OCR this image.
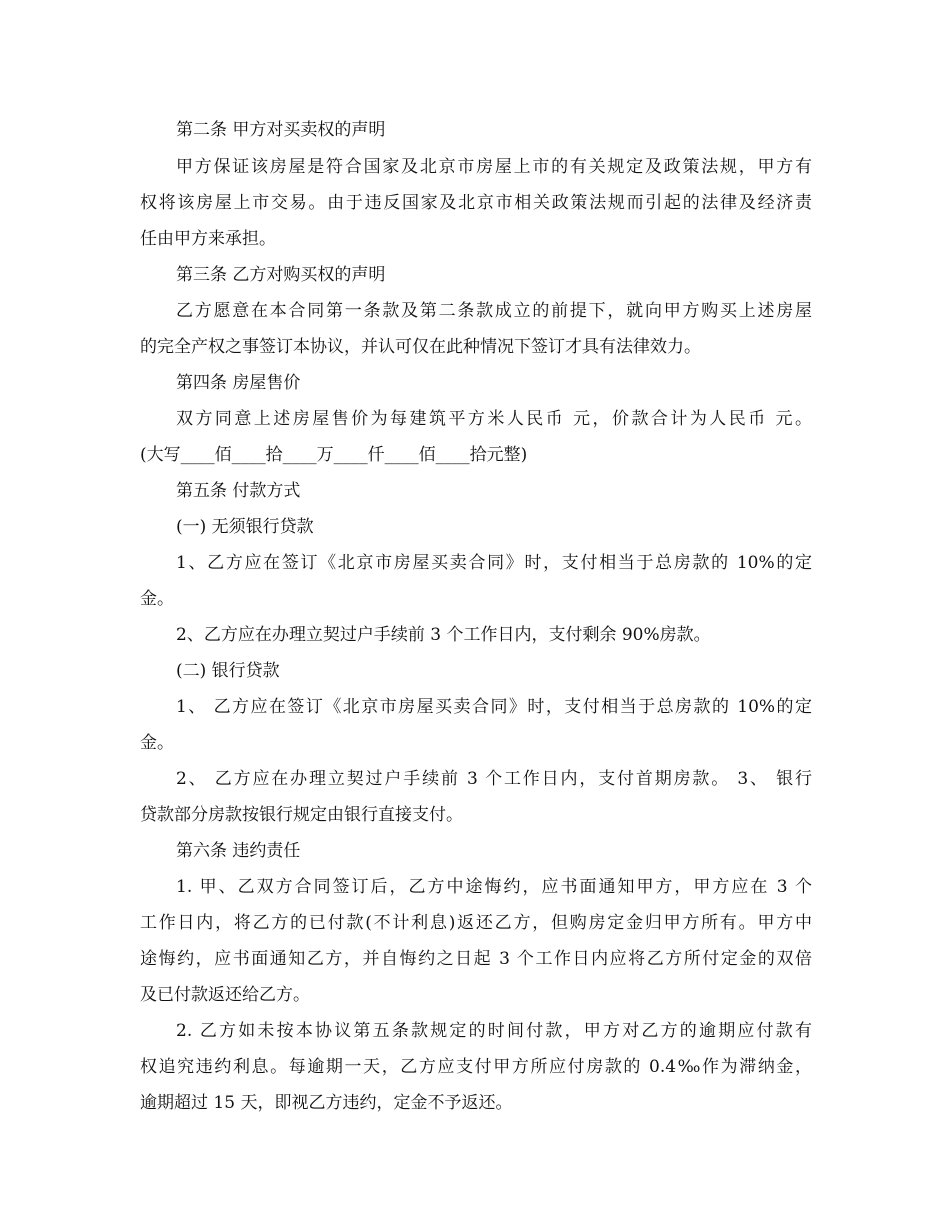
第二条 甲方对买卖权的声明
甲方保证该房屋是符合国家及北京市房屋上市的有关规定及政策法规，甲方有
权将该房屋上市交易。由于违反国家及北京市相关政策法规而引起的法律及经济责
任由甲方来承担。
第三条 乙方对购买权的声明
乙方愿意在本合同第一条款及第二条款成立的前提下，就向甲方购买上述房屋
的完全产权之事签订本协议，并认可仅在此种情况下签订才具有法律效力。
第四条 房屋售价
双方同意上述房屋售价为每建筑平方米人民币 元，价款合计为人民币 元。
(大写____佰____拾____万____仟____佰____拾元整)
第五条 付款方式
(一) 无须银行贷款
1、乙方应在签订《北京市房屋买卖合同》时，支付相当于总房款的 10%的定
金。
2、乙方应在办理立契过户手续前 3 个工作日内，支付剩余 90%房款。
(二) 银行贷款
1、 乙方应在签订《北京市房屋买卖合同》时，支付相当于总房款的 10%的定
金。
2、 乙方应在办理立契过户手续前 3 个工作日内，支付首期房款。 3、 银行
贷款部分房款按银行规定由银行直接支付。
第六条 违约责任
1. 甲、乙双方合同签订后，乙方中途悔约，应书面通知甲方，甲方应在 3 个
工作日内，将乙方的已付款(不计利息)返还乙方，但购房定金归甲方所有。甲方中
途悔约，应书面通知乙方，并自悔约之日起 3 个工作日内应将乙方所付定金的双倍
及已付款返还给乙方。
2. 乙方如未按本协议第五条款规定的时间付款，甲方对乙方的逾期应付款有
权追究违约利息。每逾期一天，乙方应支付甲方所应付房款的 0.4‰作为滞纳金，
逾期超过 15 天，即视乙方违约，定金不予返还。
